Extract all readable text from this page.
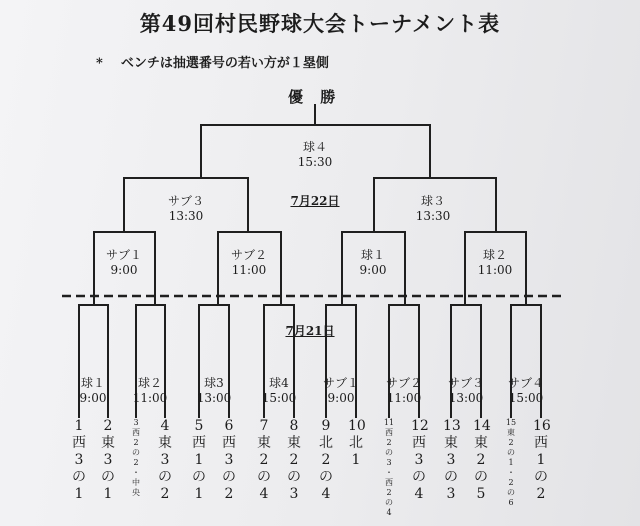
第49回村民野球大会トーナメント表
* ベンチは抽選番号の若い方が１塁側
優 勝
球４
15:30
7月22日
サブ３
13:30
球３
13:30
サブ１
9:00
サブ２
11:00
球１
9:00
球２
11:00
7月21日
球１
9:00
球２
11:00
球3
13:00
球4
15:00
サブ１
9:00
サブ２
11:00
サブ３
13:00
サブ４
15:00
1
西
3
の
1
2
東
3
の
1
3
西
2
の
2
・
中
央
4
東
3
の
2
5
西
1
の
1
6
西
3
の
2
7
東
2
の
4
8
東
2
の
3
9
北
2
の
4
10
北
1
11
西
2
の
3
・
西
2
の
4
12
西
3
の
4
13
東
3
の
3
14
東
2
の
5
15
東
2
の
1
・
2
の
6
16
西
1
の
2
